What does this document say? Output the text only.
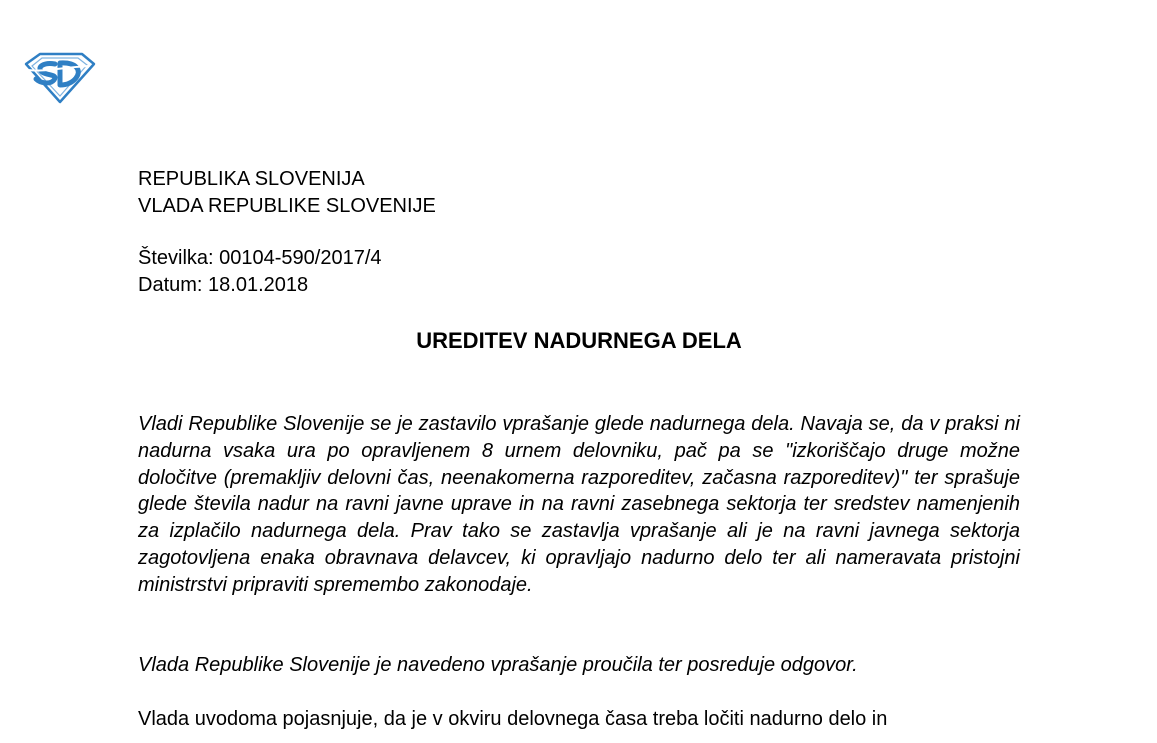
REPUBLIKA SLOVENIJA
VLADA REPUBLIKE SLOVENIJE
Številka: 00104-590/2017/4
Datum: 18.01.2018
UREDITEV NADURNEGA DELA

Vladi Republike Slovenije se je zastavilo vprašanje glede nadurnega dela. Navaja se, da v praksi ni nadurna vsaka ura po opravljenem 8 urnem delovniku, pač pa se "izkoriščajo druge možne določitve (premakljiv delovni čas, neenakomerna razporeditev, začasna razporeditev)" ter sprašuje glede števila nadur na ravni javne uprave in na ravni zasebnega sektorja ter sredstev namenjenih za izplačilo nadurnega dela. Prav tako se zastavlja vprašanje ali je na ravni javnega sektorja zagotovljena enaka obravnava delavcev, ki opravljajo nadurno delo ter ali nameravata pristojni ministrstvi pripraviti spremembo zakonodaje.

Vlada Republike Slovenije je navedeno vprašanje proučila ter posreduje odgovor.

Vlada uvodoma pojasnjuje, da je v okviru delovnega časa treba ločiti nadurno delo in
